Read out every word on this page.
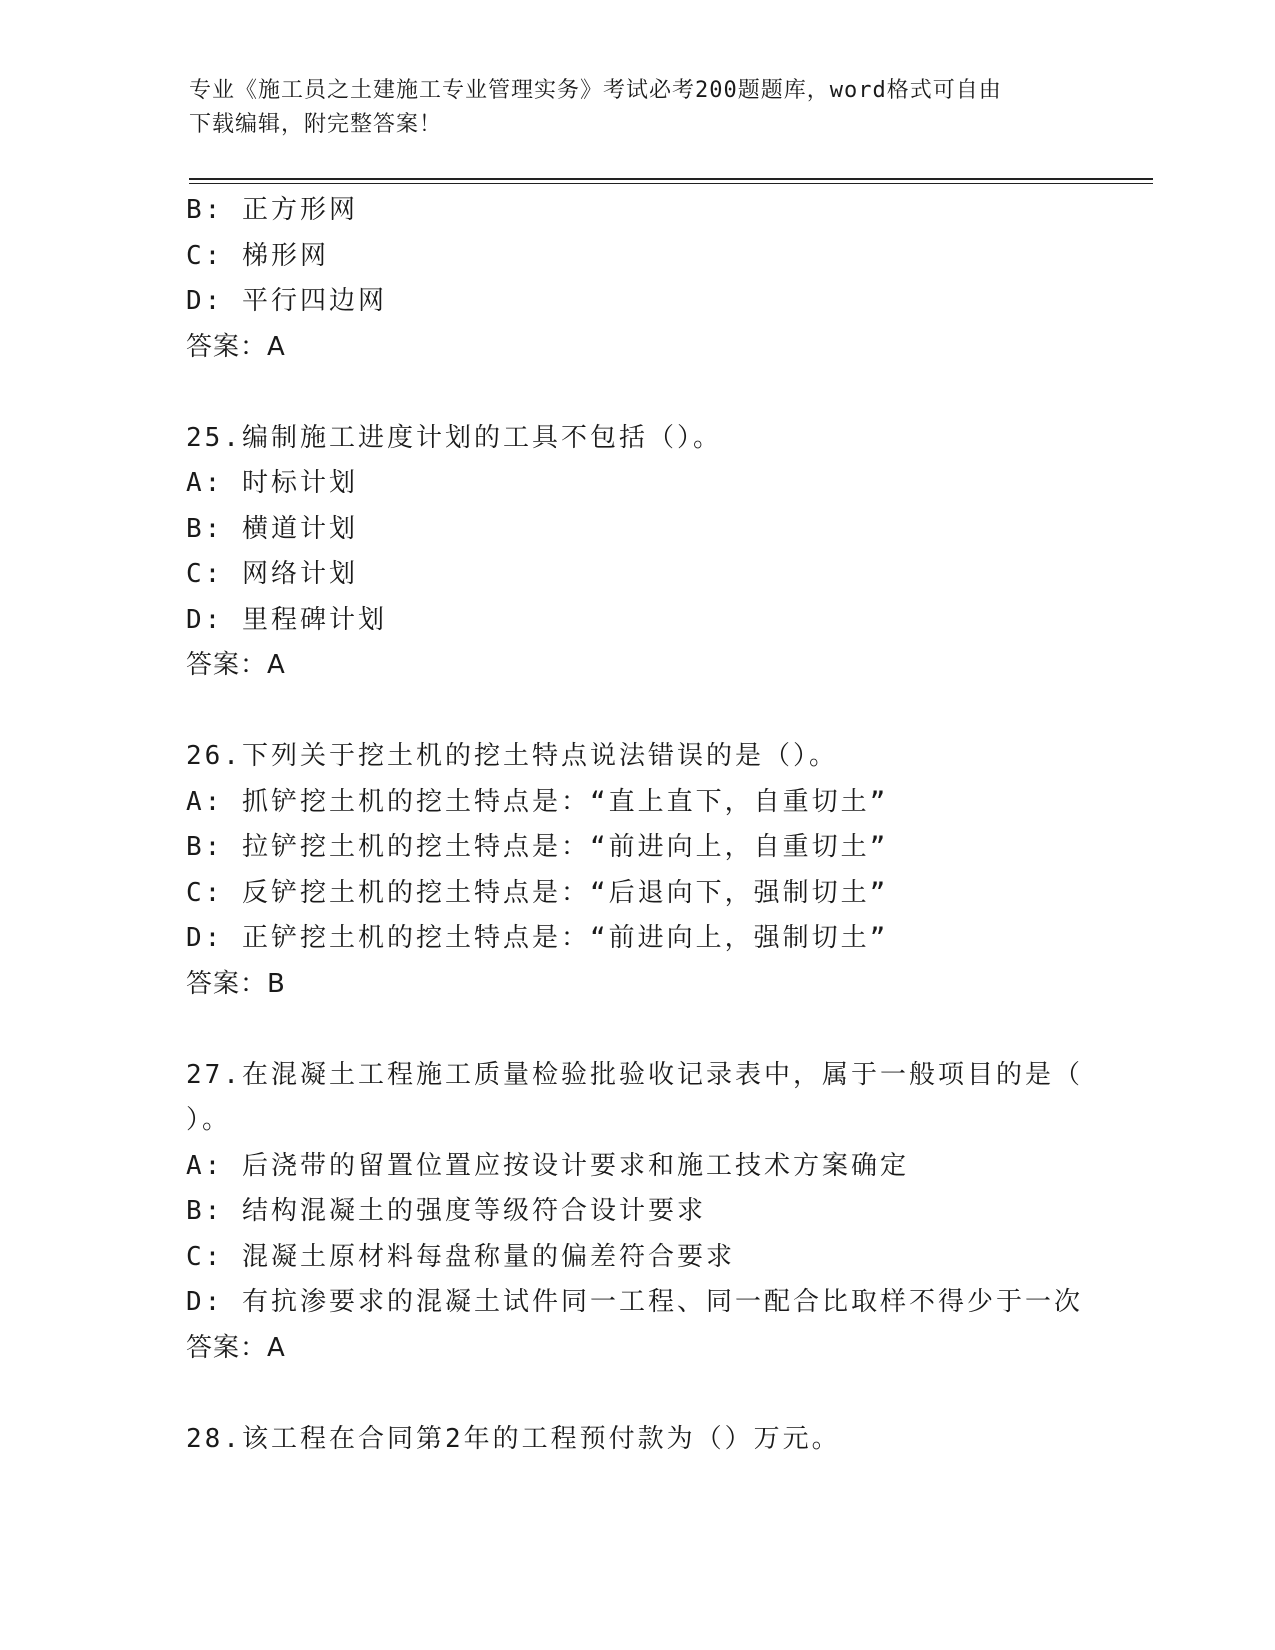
专业《施工员之土建施工专业管理实务》考试必考200题题库，word格式可自由
下载编辑，附完整答案！
B: 正方形网
C: 梯形网
D: 平行四边网
答案：A
25.编制施工进度计划的工具不包括（）。
A: 时标计划
B: 横道计划
C: 网络计划
D: 里程碑计划
答案：A
26.下列关于挖土机的挖土特点说法错误的是（）。
A: 抓铲挖土机的挖土特点是：“直上直下，自重切土”
B: 拉铲挖土机的挖土特点是：“前进向上，自重切土”
C: 反铲挖土机的挖土特点是：“后退向下，强制切土”
D: 正铲挖土机的挖土特点是：“前进向上，强制切土”
答案：B
27.在混凝土工程施工质量检验批验收记录表中，属于一般项目的是（
）。
A: 后浇带的留置位置应按设计要求和施工技术方案确定
B: 结构混凝土的强度等级符合设计要求
C: 混凝土原材料每盘称量的偏差符合要求
D: 有抗渗要求的混凝土试件同一工程、同一配合比取样不得少于一次
答案：A
28.该工程在合同第2年的工程预付款为（）万元。
